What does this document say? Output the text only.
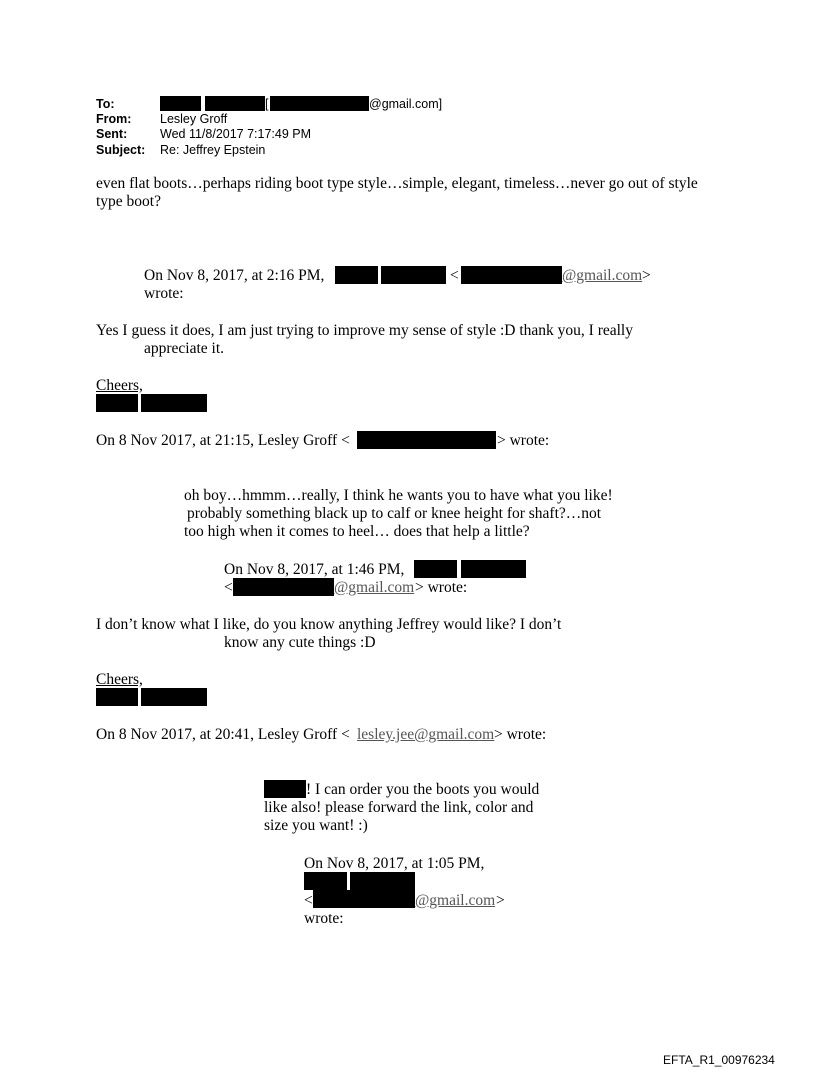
To:	[	@gmail.com]
From: Lesley Groff
Sent:	Wed 11/8/2017 7:17:49 PM
Subject: Re: Jeffrey Epstein
even flat boots…perhaps riding boot type style…simple, elegant, timeless…never go out of style
type boot?
On Nov 8, 2017, at 2:16 PM,	<	@gmail.com >
wrote:
Yes I guess it does, I am just trying to improve my sense of style :D thank you, I really
appreciate it.
Cheers,
On 8 Nov 2017, at 21:15, Lesley Groff <	> wrote:
oh boy…hmmm…really, I think he wants you to have what you like!
probably something black up to calf or knee height for shaft?…not
too high when it comes to heel… does that help a little?
On Nov 8, 2017, at 1:46 PM,
<	@gmail.com > wrote:
I don’t know what I like, do you know anything Jeffrey would like? I don’t
know any cute things :D
Cheers,
On 8 Nov 2017, at 20:41, Lesley Groff < lesley.jee@gmail.com > wrote:
! I can order you the boots you would
like also! please forward the link, color and
size you want! :)
On Nov 8, 2017, at 1:05 PM,
<	@gmail.com >
wrote:
EFTA_R1_00976234
